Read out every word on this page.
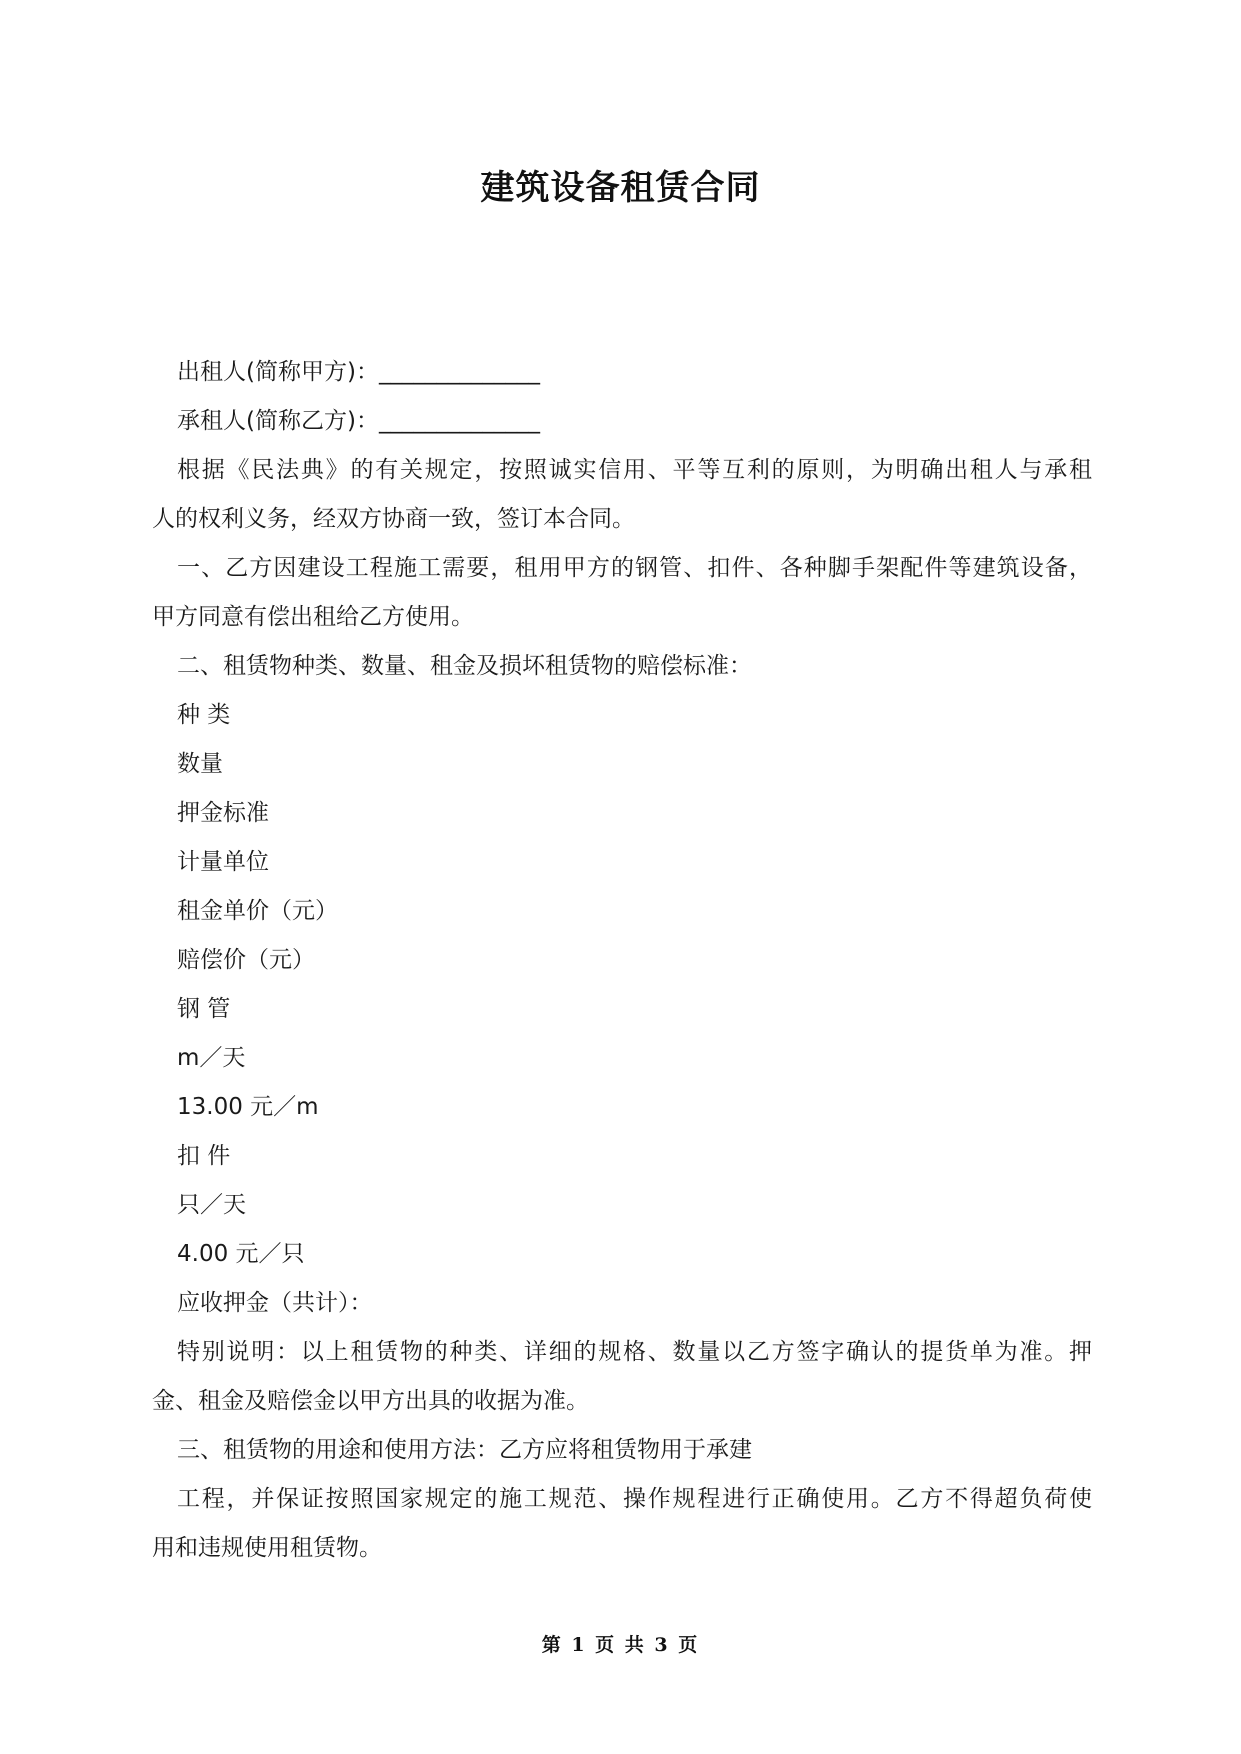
建筑设备租赁合同
出租人(简称甲方)：______________
承租人(简称乙方)：______________
根据《民法典》的有关规定，按照诚实信用、平等互利的原则，为明确出租人与承租
人的权利义务，经双方协商一致，签订本合同。
一、乙方因建设工程施工需要，租用甲方的钢管、扣件、各种脚手架配件等建筑设备，
甲方同意有偿出租给乙方使用。
二、租赁物种类、数量、租金及损坏租赁物的赔偿标准：
种 类
数量
押金标准
计量单位
租金单价（元）
赔偿价（元）
钢 管
m／天
13.00 元／m
扣 件
只／天
4.00 元／只
应收押金（共计）：
特别说明：以上租赁物的种类、详细的规格、数量以乙方签字确认的提货单为准。押
金、租金及赔偿金以甲方出具的收据为准。
三、租赁物的用途和使用方法：乙方应将租赁物用于承建
工程，并保证按照国家规定的施工规范、操作规程进行正确使用。乙方不得超负荷使
用和违规使用租赁物。
第 1 页 共 3 页
